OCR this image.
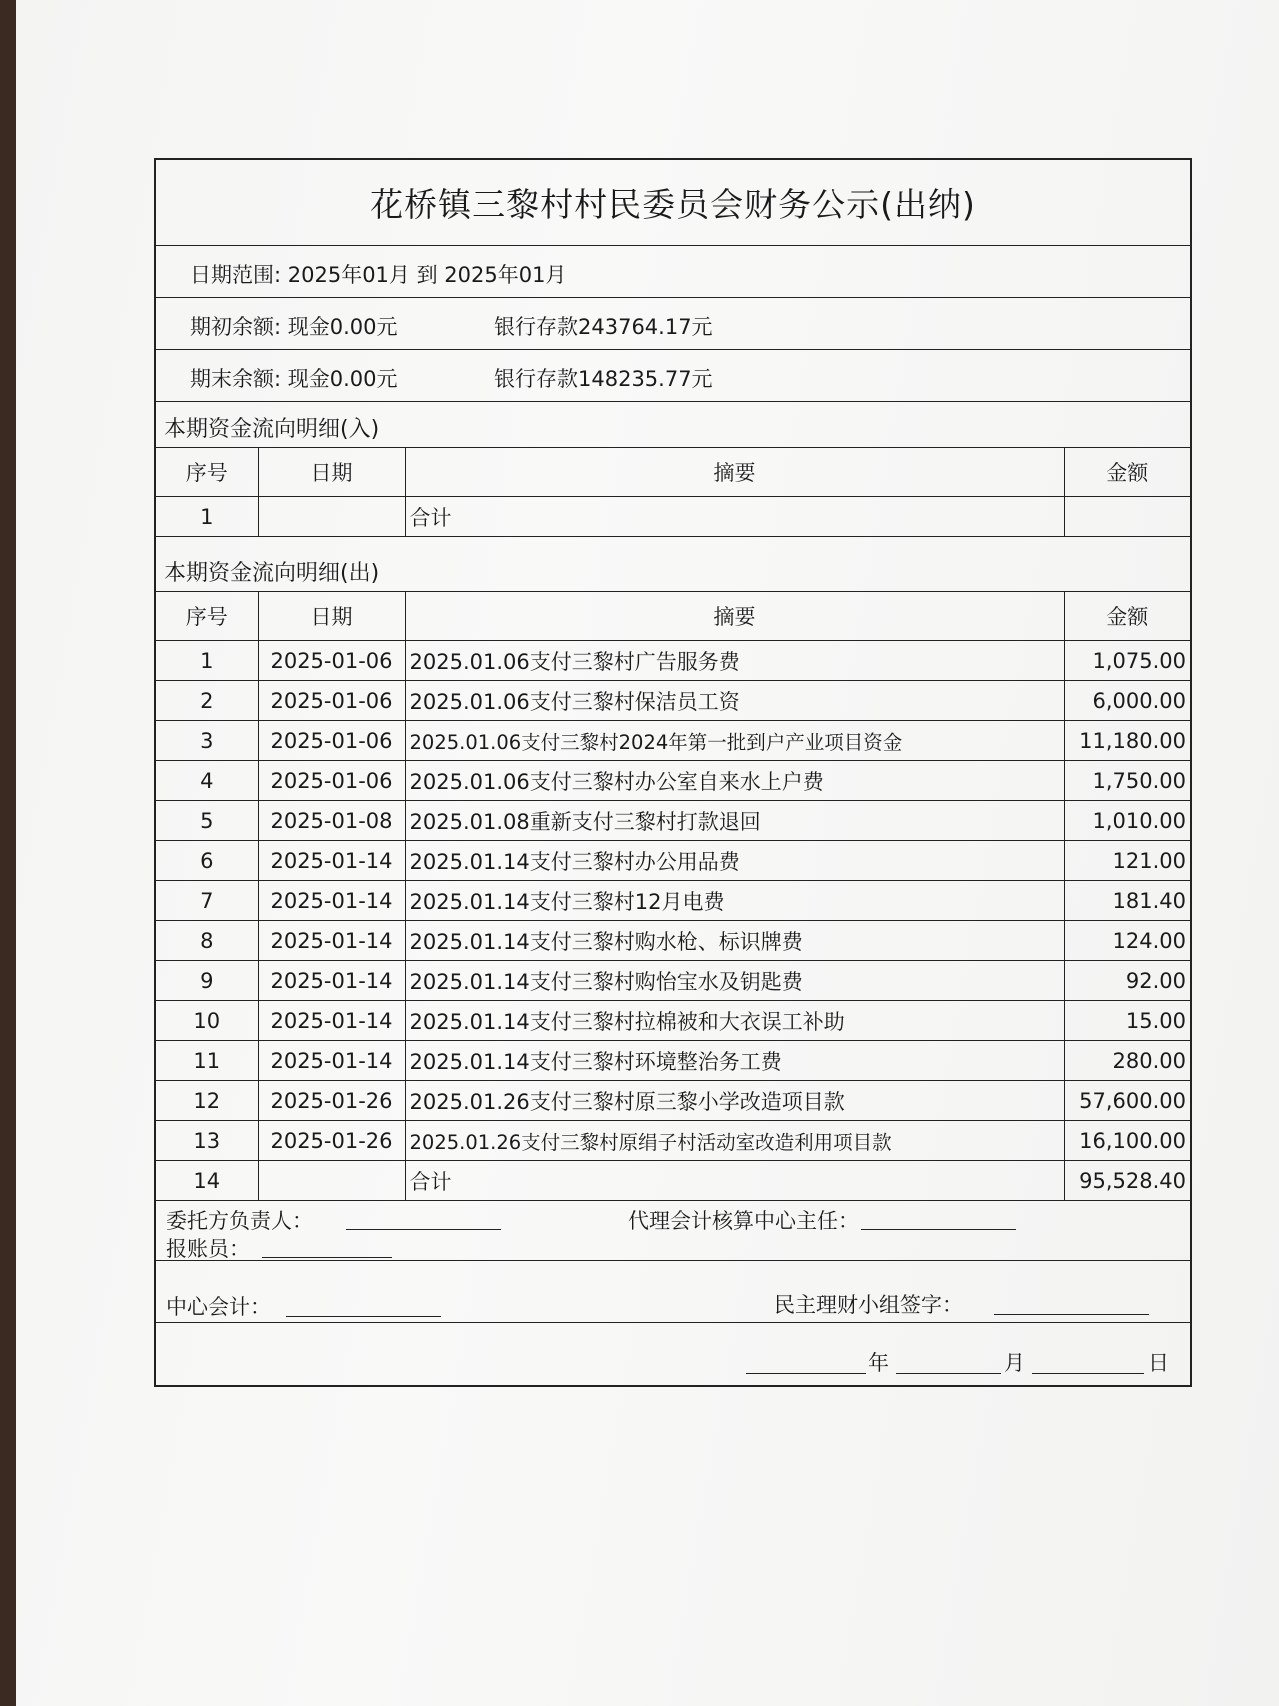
花桥镇三黎村村民委员会财务公示(出纳)
日期范围: 2025年01月 到 2025年01月
期初余额: 现金0.00元	银行存款243764.17元
期末余额: 现金0.00元	银行存款148235.77元
本期资金流向明细(入)
序号	日期	摘要	金额
1		合计	
本期资金流向明细(出)
序号	日期	摘要	金额
1	2025-01-06	2025.01.06支付三黎村广告服务费	1,075.00
2	2025-01-06	2025.01.06支付三黎村保洁员工资	6,000.00
3	2025-01-06	2025.01.06支付三黎村2024年第一批到户产业项目资金	11,180.00
4	2025-01-06	2025.01.06支付三黎村办公室自来水上户费	1,750.00
5	2025-01-08	2025.01.08重新支付三黎村打款退回	1,010.00
6	2025-01-14	2025.01.14支付三黎村办公用品费	121.00
7	2025-01-14	2025.01.14支付三黎村12月电费	181.40
8	2025-01-14	2025.01.14支付三黎村购水枪、标识牌费	124.00
9	2025-01-14	2025.01.14支付三黎村购怡宝水及钥匙费	92.00
10	2025-01-14	2025.01.14支付三黎村拉棉被和大衣误工补助	15.00
11	2025-01-14	2025.01.14支付三黎村环境整治务工费	280.00
12	2025-01-26	2025.01.26支付三黎村原三黎小学改造项目款	57,600.00
13	2025-01-26	2025.01.26支付三黎村原绢子村活动室改造利用项目款	16,100.00
14		合计	95,528.40
委托方负责人：	代理会计核算中心主任：
报账员：
中心会计：	民主理财小组签字：
年	月	日
